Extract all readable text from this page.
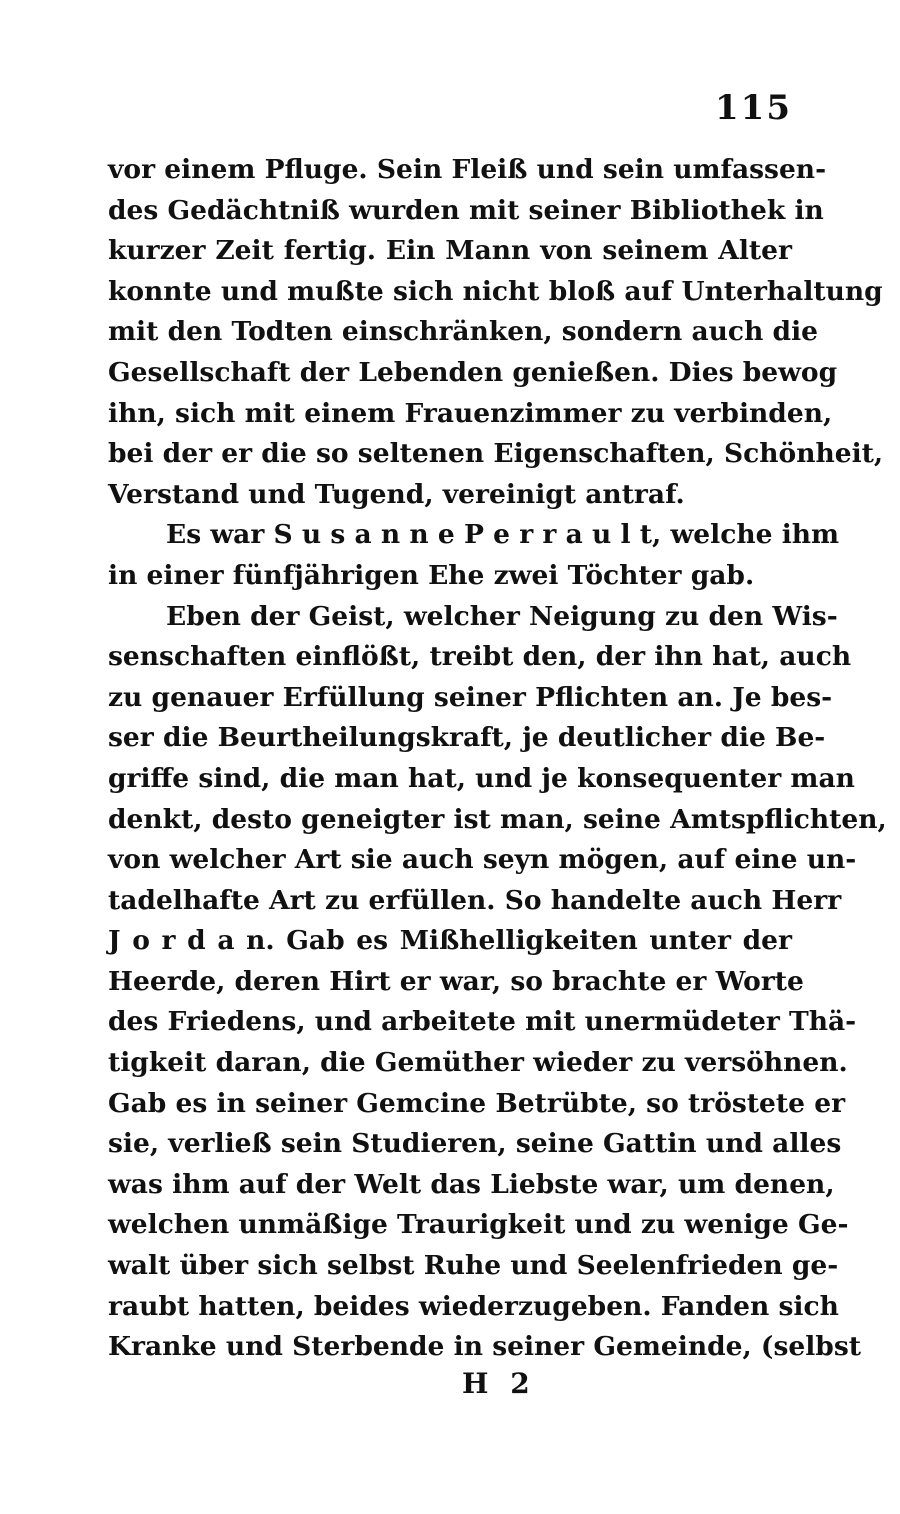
115
vor einem Pfluge. Sein Fleiß und sein umfassen-
des Gedächtniß wurden mit seiner Bibliothek in
kurzer Zeit fertig. Ein Mann von seinem Alter
konnte und mußte sich nicht bloß auf Unterhaltung
mit den Todten einschränken, sondern auch die
Gesellschaft der Lebenden genießen. Dies bewog
ihn, sich mit einem Frauenzimmer zu verbinden,
bei der er die so seltenen Eigenschaften, Schönheit,
Verstand und Tugend, vereinigt antraf.
Es war S u s a n n e P e r r a u l t, welche ihm
in einer fünfjährigen Ehe zwei Töchter gab.
Eben der Geist, welcher Neigung zu den Wis-
senschaften einflößt, treibt den, der ihn hat, auch
zu genauer Erfüllung seiner Pflichten an. Je bes-
ser die Beurtheilungskraft, je deutlicher die Be-
griffe sind, die man hat, und je konsequenter man
denkt, desto geneigter ist man, seine Amtspflichten,
von welcher Art sie auch seyn mögen, auf eine un-
tadelhafte Art zu erfüllen. So handelte auch Herr
J o r d a n. Gab es Mißhelligkeiten unter der
Heerde, deren Hirt er war, so brachte er Worte
des Friedens, und arbeitete mit unermüdeter Thä-
tigkeit daran, die Gemüther wieder zu versöhnen.
Gab es in seiner Gemcine Betrübte, so tröstete er
sie, verließ sein Studieren, seine Gattin und alles
was ihm auf der Welt das Liebste war, um denen,
welchen unmäßige Traurigkeit und zu wenige Ge-
walt über sich selbst Ruhe und Seelenfrieden ge-
raubt hatten, beides wiederzugeben. Fanden sich
Kranke und Sterbende in seiner Gemeinde, (selbst
H 2
